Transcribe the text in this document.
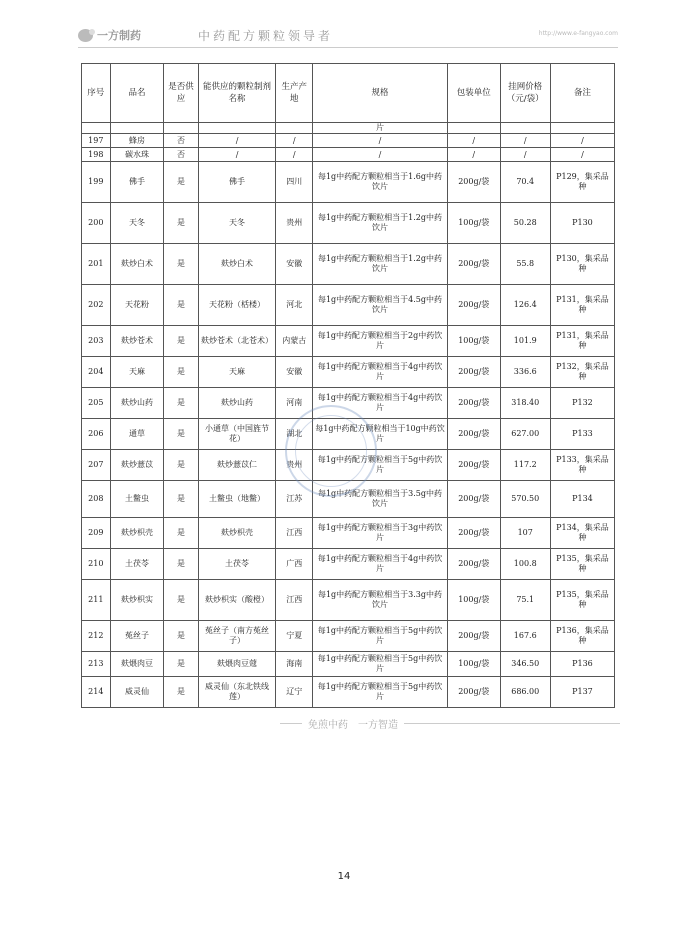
一方制药	中药配方颗粒领导者	http://www.e-fangyao.com
序号	品名	是否供应	能供应的颗粒制剂名称	生产产地	规格	包装单位	挂网价格（元/袋）	备注
					片			
197	蜂房	否	/	/	/	/	/	/
198	碳水珠	否	/	/	/	/	/	/
199	佛手	是	佛手	四川	每1g中药配方颗粒相当于1.6g中药饮片	200g/袋	70.4	P129，集采品种
200	天冬	是	天冬	贵州	每1g中药配方颗粒相当于1.2g中药饮片	100g/袋	50.28	P130
201	麸炒白术	是	麸炒白术	安徽	每1g中药配方颗粒相当于1.2g中药饮片	200g/袋	55.8	P130，集采品种
202	天花粉	是	天花粉（栝楼）	河北	每1g中药配方颗粒相当于4.5g中药饮片	200g/袋	126.4	P131，集采品种
203	麸炒苍术	是	麸炒苍术（北苍术）	内蒙古	每1g中药配方颗粒相当于2g中药饮片	100g/袋	101.9	P131，集采品种
204	天麻	是	天麻	安徽	每1g中药配方颗粒相当于4g中药饮片	200g/袋	336.6	P132，集采品种
205	麸炒山药	是	麸炒山药	河南	每1g中药配方颗粒相当于4g中药饮片	200g/袋	318.40	P132
206	通草	是	小通草（中国旌节花）	湖北	每1g中药配方颗粒相当于10g中药饮片	200g/袋	627.00	P133
207	麸炒薏苡	是	麸炒薏苡仁	贵州	每1g中药配方颗粒相当于5g中药饮片	200g/袋	117.2	P133，集采品种
208	土鳖虫	是	土鳖虫（地鳖）	江苏	每1g中药配方颗粒相当于3.5g中药饮片	200g/袋	570.50	P134
209	麸炒枳壳	是	麸炒枳壳	江西	每1g中药配方颗粒相当于3g中药饮片	200g/袋	107	P134，集采品种
210	土茯苓	是	土茯苓	广西	每1g中药配方颗粒相当于4g中药饮片	200g/袋	100.8	P135，集采品种
211	麸炒枳实	是	麸炒枳实（酸橙）	江西	每1g中药配方颗粒相当于3.3g中药饮片	100g/袋	75.1	P135，集采品种
212	菟丝子	是	菟丝子（南方菟丝子）	宁夏	每1g中药配方颗粒相当于5g中药饮片	200g/袋	167.6	P136，集采品种
213	麸煨肉豆	是	麸煨肉豆蔻	海南	每1g中药配方颗粒相当于5g中药饮片	100g/袋	346.50	P136
214	威灵仙	是	威灵仙（东北铁线莲）	辽宁	每1g中药配方颗粒相当于5g中药饮片	200g/袋	686.00	P137
免煎中药　一方智造
14
